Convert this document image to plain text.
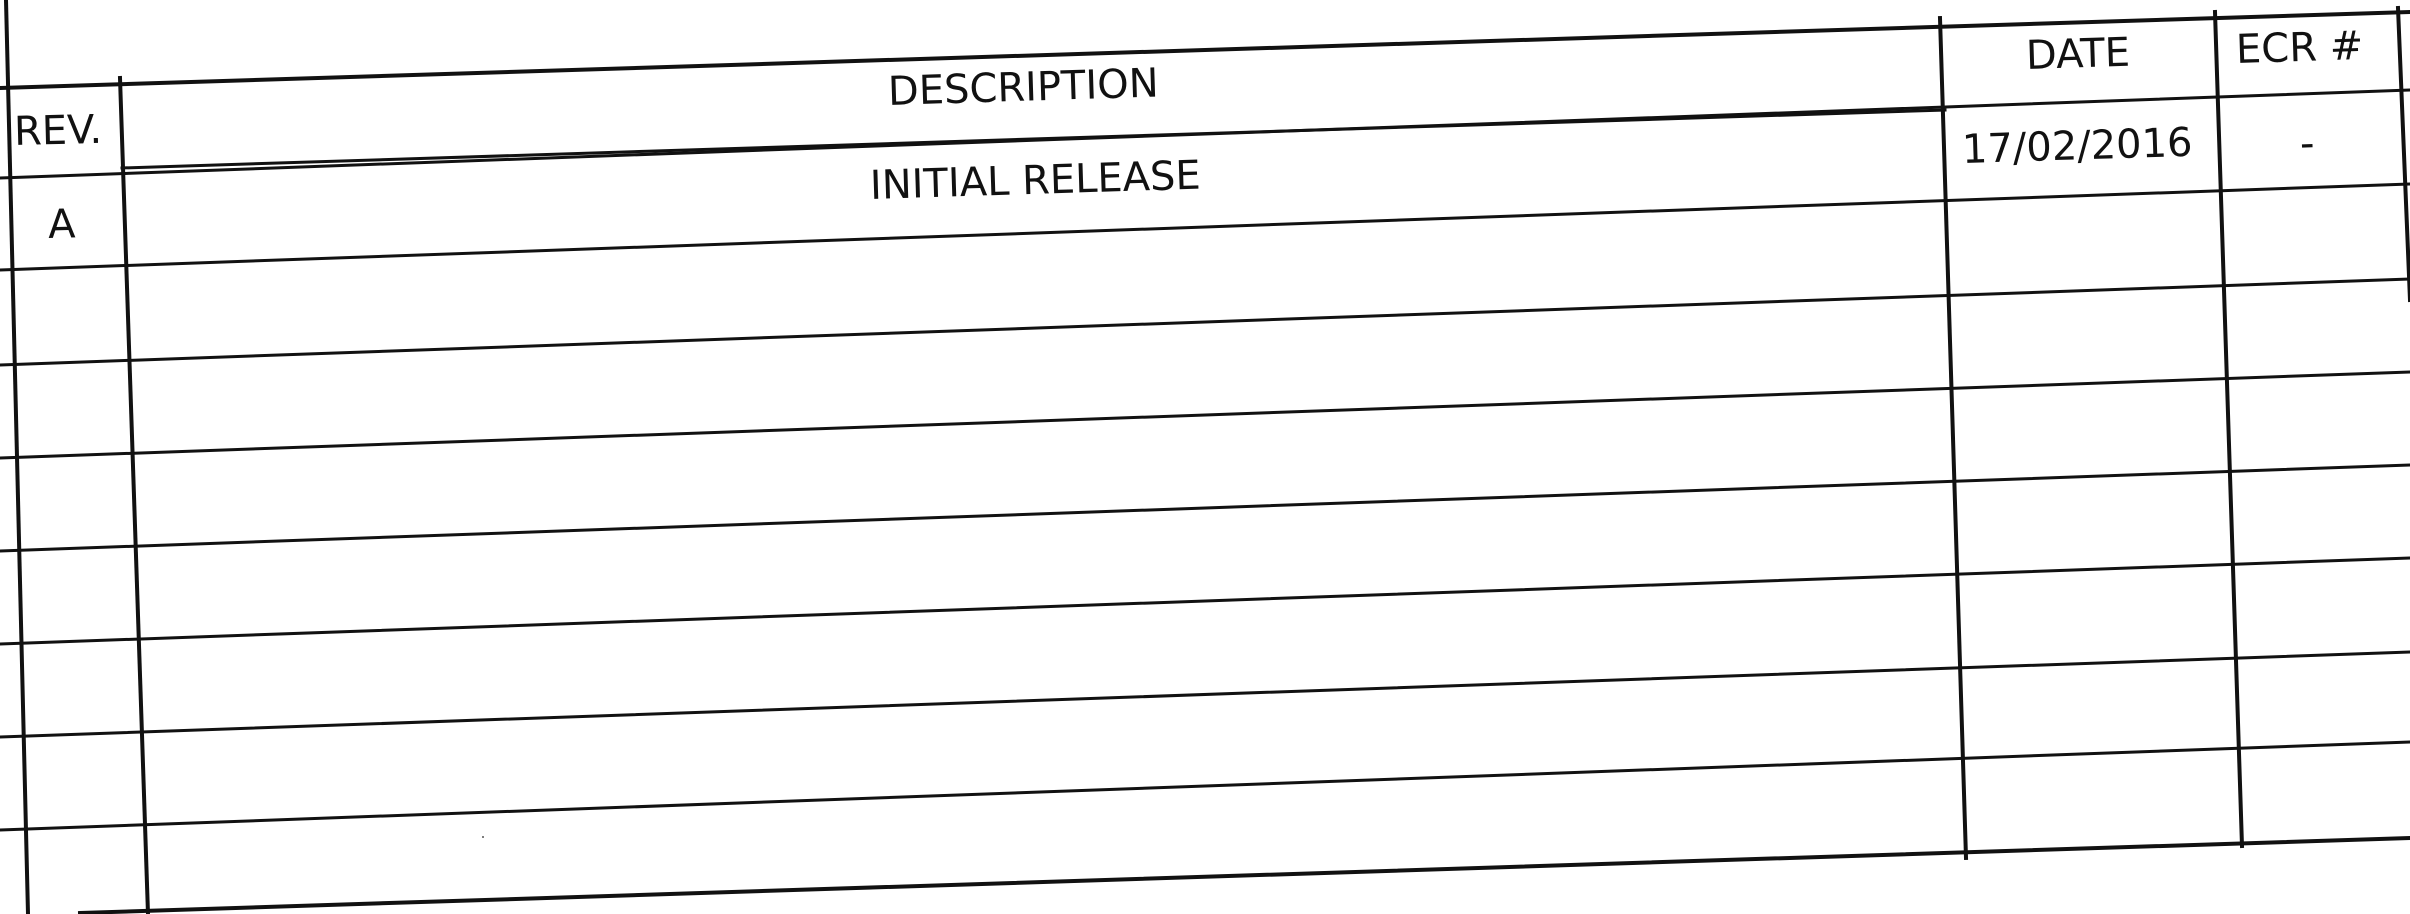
REV.
DESCRIPTION
DATE	ECR #
A
INITIAL RELEASE
17/02/2016	-
